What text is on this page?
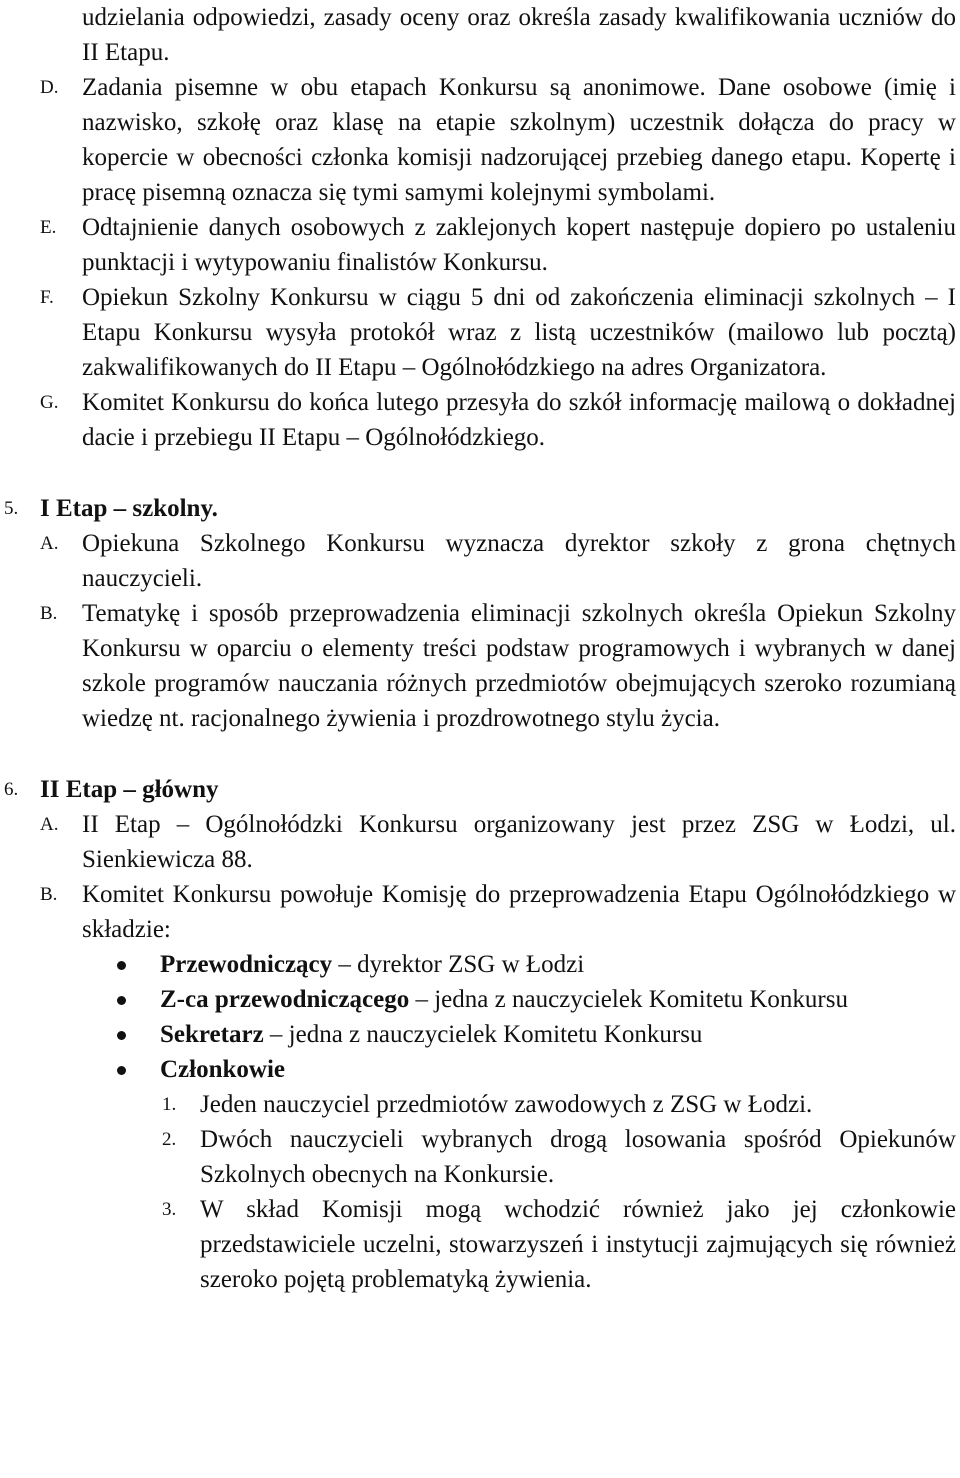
udzielania odpowiedzi, zasady oceny oraz określa zasady kwalifikowania uczniów do II Etapu.
D. Zadania pisemne w obu etapach Konkursu są anonimowe. Dane osobowe (imię i nazwisko, szkołę oraz klasę na etapie szkolnym) uczestnik dołącza do pracy w kopercie w obecności członka komisji nadzorującej przebieg danego etapu. Kopertę i pracę pisemną oznacza się tymi samymi kolejnymi symbolami.
E. Odtajnienie danych osobowych z zaklejonych kopert następuje dopiero po ustaleniu punktacji i wytypowaniu finalistów Konkursu.
F. Opiekun Szkolny Konkursu w ciągu 5 dni od zakończenia eliminacji szkolnych – I Etapu Konkursu wysyła protokół wraz z listą uczestników (mailowo lub pocztą) zakwalifikowanych do II Etapu – Ogólnołódzkiego na adres Organizatora.
G. Komitet Konkursu do końca lutego przesyła do szkół informację mailową o dokładnej dacie i przebiegu II Etapu – Ogólnołódzkiego.
5. I Etap – szkolny.
A. Opiekuna Szkolnego Konkursu wyznacza dyrektor szkoły z grona chętnych nauczycieli.
B. Tematykę i sposób przeprowadzenia eliminacji szkolnych określa Opiekun Szkolny Konkursu w oparciu o elementy treści podstaw programowych i wybranych w danej szkole programów nauczania różnych przedmiotów obejmujących szeroko rozumianą wiedzę nt. racjonalnego żywienia i prozdrowotnego stylu życia.
6. II Etap – główny
A. II Etap – Ogólnołódzki Konkursu organizowany jest przez ZSG w Łodzi, ul. Sienkiewicza 88.
B. Komitet Konkursu powołuje Komisję do przeprowadzenia Etapu Ogólnołódzkiego w składzie:
Przewodniczący – dyrektor ZSG w Łodzi
Z-ca przewodniczącego – jedna z nauczycielek Komitetu Konkursu
Sekretarz – jedna z nauczycielek Komitetu Konkursu
Członkowie
1. Jeden nauczyciel przedmiotów zawodowych z ZSG w Łodzi.
2. Dwóch nauczycieli wybranych drogą losowania spośród Opiekunów Szkolnych obecnych na Konkursie.
3. W skład Komisji mogą wchodzić również jako jej członkowie przedstawiciele uczelni, stowarzyszeń i instytucji zajmujących się również szeroko pojętą problematyką żywienia.
